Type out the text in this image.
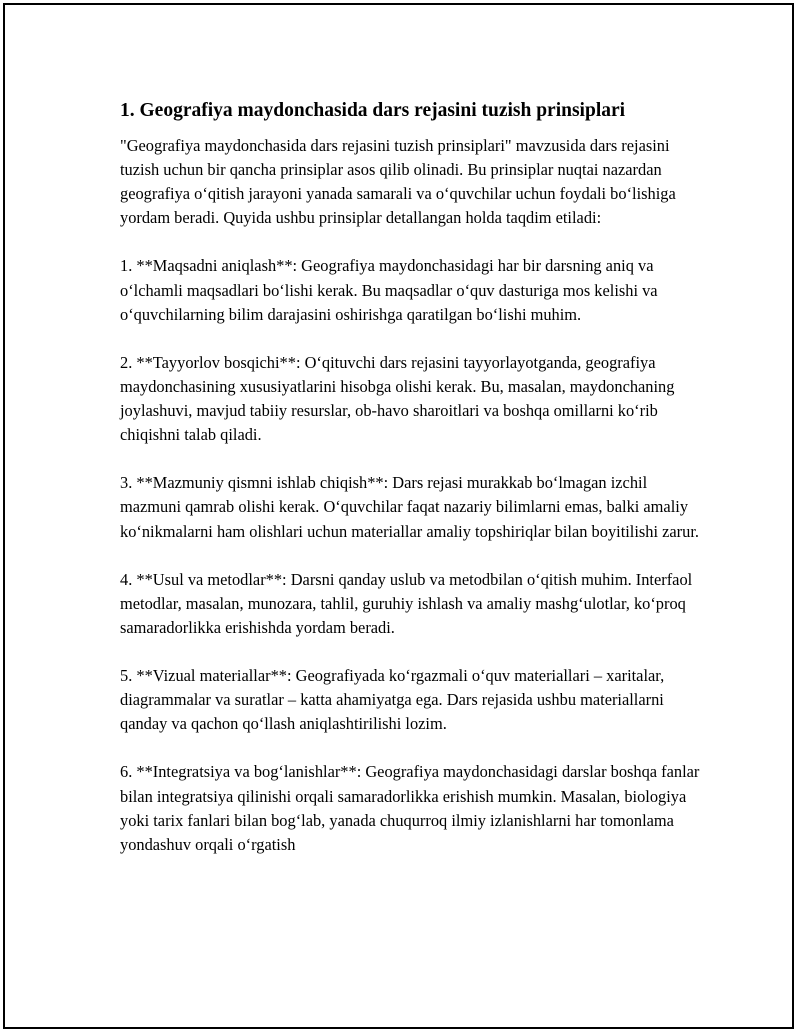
1. Geografiya maydonchasida dars rejasini tuzish prinsiplari

"Geografiya maydonchasida dars rejasini tuzish prinsiplari" mavzusida dars rejasini tuzish uchun bir qancha prinsiplar asos qilib olinadi. Bu prinsiplar nuqtai nazardan geografiya o‘qitish jarayoni yanada samarali va o‘quvchilar uchun foydali bo‘lishiga yordam beradi. Quyida ushbu prinsiplar detallangan holda taqdim etiladi:

1. **Maqsadni aniqlash**: Geografiya maydonchasidagi har bir darsning aniq va o‘lchamli maqsadlari bo‘lishi kerak. Bu maqsadlar o‘quv dasturiga mos kelishi va o‘quvchilarning bilim darajasini oshirishga qaratilgan bo‘lishi muhim.

2. **Tayyorlov bosqichi**: O‘qituvchi dars rejasini tayyorlayotganda, geografiya maydonchasining xususiyatlarini hisobga olishi kerak. Bu, masalan, maydonchaning joylashuvi, mavjud tabiiy resurslar, ob-havo sharoitlari va boshqa omillarni ko‘rib chiqishni talab qiladi.

3. **Mazmuniy qismni ishlab chiqish**: Dars rejasi murakkab bo‘lmagan izchil mazmuni qamrab olishi kerak. O‘quvchilar faqat nazariy bilimlarni emas, balki amaliy ko‘nikmalarni ham olishlari uchun materiallar amaliy topshiriqlar bilan boyitilishi zarur.

4. **Usul va metodlar**: Darsni qanday uslub va metodbilan o‘qitish muhim. Interfaol metodlar, masalan, munozara, tahlil, guruhiy ishlash va amaliy mashg‘ulotlar, ko‘proq samaradorlikka erishishda yordam beradi.

5. **Vizual materiallar**: Geografiyada ko‘rgazmali o‘quv materiallari – xaritalar, diagrammalar va suratlar – katta ahamiyatga ega. Dars rejasida ushbu materiallarni qanday va qachon qo‘llash aniqlashtirilishi lozim.

6. **Integratsiya va bog‘lanishlar**: Geografiya maydonchasidagi darslar boshqa fanlar bilan integratsiya qilinishi orqali samaradorlikka erishish mumkin. Masalan, biologiya yoki tarix fanlari bilan bog‘lab, yanada chuqurroq ilmiy izlanishlarni har tomonlama yondashuv orqali o‘rgatish
